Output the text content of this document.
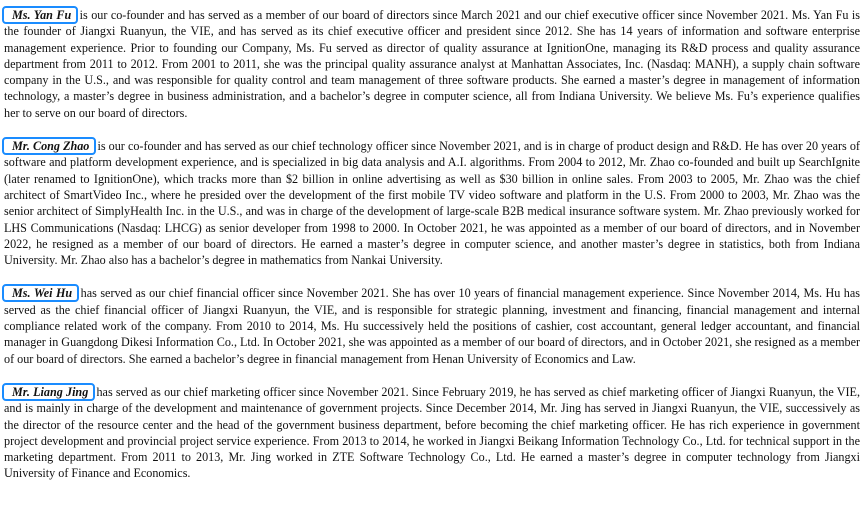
Ms. Yan Fu is our co-founder and has served as a member of our board of directors since March 2021 and our chief executive officer since November 2021. Ms. Yan Fu is the founder of Jiangxi Ruanyun, the VIE, and has served as its chief executive officer and president since 2012. She has 14 years of information and software enterprise management experience. Prior to founding our Company, Ms. Fu served as director of quality assurance at IgnitionOne, managing its R&D process and quality assurance department from 2011 to 2012. From 2001 to 2011, she was the principal quality assurance analyst at Manhattan Associates, Inc. (Nasdaq: MANH), a supply chain software company in the U.S., and was responsible for quality control and team management of three software products. She earned a master’s degree in management of information technology, a master’s degree in business administration, and a bachelor’s degree in computer science, all from Indiana University. We believe Ms. Fu’s experience qualifies her to serve on our board of directors.

Mr. Cong Zhao is our co-founder and has served as our chief technology officer since November 2021, and is in charge of product design and R&D. He has over 20 years of software and platform development experience, and is specialized in big data analysis and A.I. algorithms. From 2004 to 2012, Mr. Zhao co-founded and built up SearchIgnite (later renamed to IgnitionOne), which tracks more than $2 billion in online advertising as well as $30 billion in online sales. From 2003 to 2005, Mr. Zhao was the chief architect of SmartVideo Inc., where he presided over the development of the first mobile TV video software and platform in the U.S. From 2000 to 2003, Mr. Zhao was the senior architect of SimplyHealth Inc. in the U.S., and was in charge of the development of large-scale B2B medical insurance software system. Mr. Zhao previously worked for LHS Communications (Nasdaq: LHCG) as senior developer from 1998 to 2000. In October 2021, he was appointed as a member of our board of directors, and in November 2022, he resigned as a member of our board of directors. He earned a master’s degree in computer science, and another master’s degree in statistics, both from Indiana University. Mr. Zhao also has a bachelor’s degree in mathematics from Nankai University.

Ms. Wei Hu has served as our chief financial officer since November 2021. She has over 10 years of financial management experience. Since November 2014, Ms. Hu has served as the chief financial officer of Jiangxi Ruanyun, the VIE, and is responsible for strategic planning, investment and financing, financial management and internal compliance related work of the company. From 2010 to 2014, Ms. Hu successively held the positions of cashier, cost accountant, general ledger accountant, and financial manager in Guangdong Dikesi Information Co., Ltd. In October 2021, she was appointed as a member of our board of directors, and in October 2021, she resigned as a member of our board of directors. She earned a bachelor’s degree in financial management from Henan University of Economics and Law.

Mr. Liang Jing has served as our chief marketing officer since November 2021. Since February 2019, he has served as chief marketing officer of Jiangxi Ruanyun, the VIE, and is mainly in charge of the development and maintenance of government projects. Since December 2014, Mr. Jing has served in Jiangxi Ruanyun, the VIE, successively as the director of the resource center and the head of the government business department, before becoming the chief marketing officer. He has rich experience in government project development and provincial project service experience. From 2013 to 2014, he worked in Jiangxi Beikang Information Technology Co., Ltd. for technical support in the marketing department. From 2011 to 2013, Mr. Jing worked in ZTE Software Technology Co., Ltd. He earned a master’s degree in computer technology from Jiangxi University of Finance and Economics.
